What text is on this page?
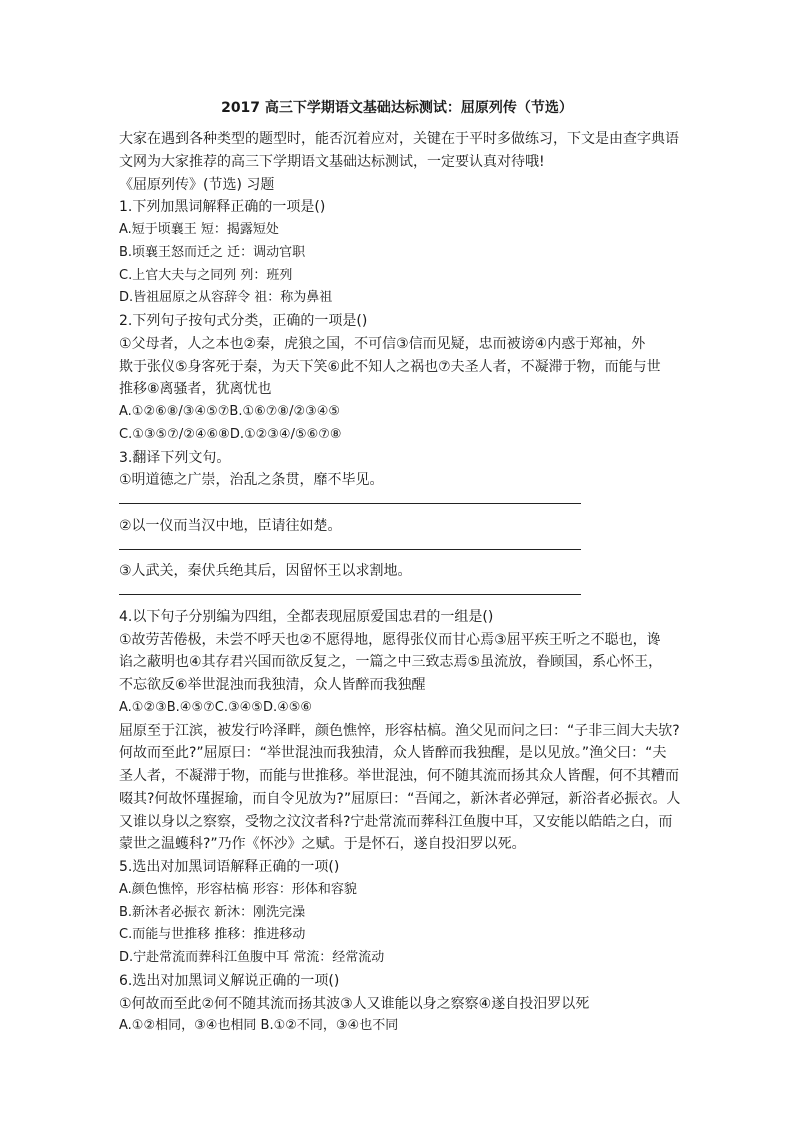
2017 高三下学期语文基础达标测试：屈原列传（节选）
大家在遇到各种类型的题型时，能否沉着应对，关键在于平时多做练习，下文是由查字典语
文网为大家推荐的高三下学期语文基础达标测试，一定要认真对待哦!
《屈原列传》(节选) 习题
1.下列加黑词解释正确的一项是()
A.短于顷襄王 短：揭露短处
B.顷襄王怒而迁之 迁：调动官职
C.上官大夫与之同列 列：班列
D.皆祖屈原之从容辞令 祖：称为鼻祖
2.下列句子按句式分类，正确的一项是()
①父母者，人之本也②秦，虎狼之国，不可信③信而见疑，忠而被谤④内惑于郑袖，外
欺于张仪⑤身客死于秦，为天下笑⑥此不知人之祸也⑦夫圣人者，不凝滞于物，而能与世
推移⑧离骚者，犹离忧也
A.①②⑥⑧/③④⑤⑦B.①⑥⑦⑧/②③④⑤
C.①③⑤⑦/②④⑥⑧D.①②③④/⑤⑥⑦⑧
3.翻译下列文句。
①明道德之广崇，治乱之条贯，靡不毕见。
②以一仪而当汉中地，臣请往如楚。
③人武关，秦伏兵绝其后，因留怀王以求割地。
4.以下句子分别编为四组，全都表现屈原爱国忠君的一组是()
①故劳苦倦极，未尝不呼天也②不愿得地，愿得张仪而甘心焉③屈平疾王听之不聪也，谗
谄之蔽明也④其存君兴国而欲反复之，一篇之中三致志焉⑤虽流放，眷顾国，系心怀王，
不忘欲反⑥举世混浊而我独清，众人皆醉而我独醒
A.①②③B.④⑤⑦C.③④⑤D.④⑤⑥
屈原至于江滨，被发行吟泽畔，颜色憔悴，形容枯槁。渔父见而问之曰：“子非三闾大夫欤?
何故而至此?”屈原曰：“举世混浊而我独清，众人皆醉而我独醒，是以见放。”渔父曰：“夫
圣人者，不凝滞于物，而能与世推移。举世混浊，何不随其流而扬其众人皆醒，何不其糟而
啜其?何故怀瑾握瑜，而自令见放为?”屈原曰：“吾闻之，新沐者必弹冠，新浴者必振衣。人
又谁以身以之察察，受物之汶汶者科?宁赴常流而葬科江鱼腹中耳，又安能以皓皓之白，而
蒙世之温蠖科?”乃作《怀沙》之赋。于是怀石，遂自投汨罗以死。
5.选出对加黑词语解释正确的一项()
A.颜色憔悴，形容枯槁 形容：形体和容貌
B.新沐者必振衣 新沐：刚洗完澡
C.而能与世推移 推移：推进移动
D.宁赴常流而葬科江鱼腹中耳 常流：经常流动
6.选出对加黑词义解说正确的一项()
①何故而至此②何不随其流而扬其波③人又谁能以身之察察④遂自投汨罗以死
A.①②相同，③④也相同 B.①②不同，③④也不同
